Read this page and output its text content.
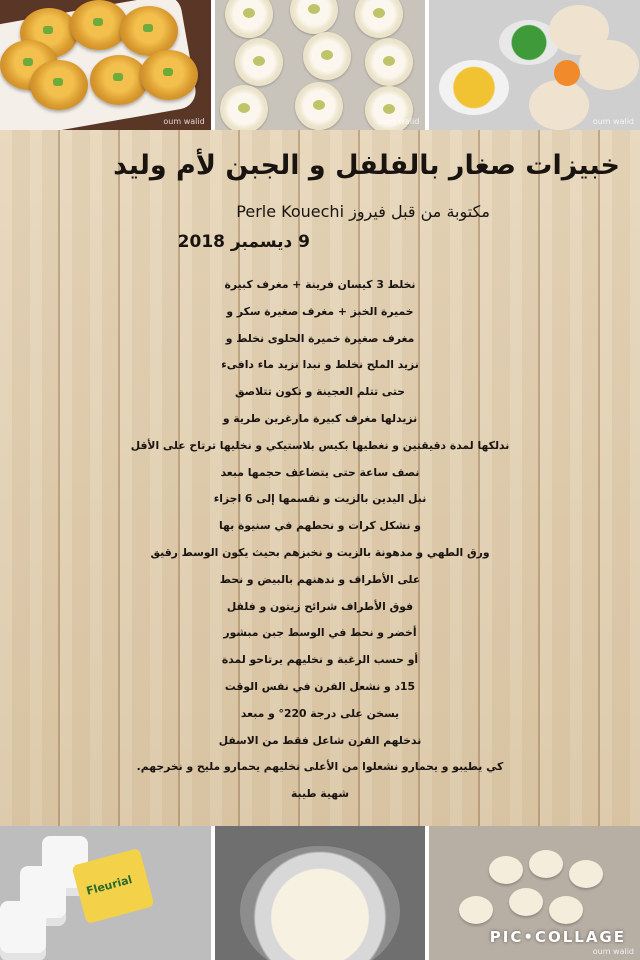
oum walid	oum walid	oum walid
خبيزات صغار بالفلفل و الجبن لأم وليد
مكتوبة من قبل فيروز Perle Kouechi
9 ديسمبر 2018
نخلط 3 كيسان فرينة + مغرف كبيرة
خميرة الخبز + مغرف صغيرة سكر و
مغرف صغيرة خميرة الحلوى نخلط و
نزيد الملح نخلط و نبدا نزيد ماء دافىء
حتى تتلم العجينة و تكون تتلاصق
نزيدلها مغرف كبيرة مارغرين طرية و
ندلكها لمدة دقيقتين و نغطيها بكيس بلاستيكي و نخليها ترتاح على الأقل
نصف ساعة حتى يتضاعف حجمها مبعد
نبل اليدين بالزيت و نقسمها إلى 6 اجزاء
و نشكل كرات و نحطهم في سنيوة بها
ورق الطهي و مدهونة بالزيت و نخبزهم بحيث يكون الوسط رقيق
على الأطراف و ندهنهم بالبيض و نحط
فوق الأطراف شرائح زيتون و فلفل
أخضر و نحط في الوسط جبن مبشور
أو حسب الرغبة و نخليهم يرتاحو لمدة
15د و نشعل الفرن في نفس الوقت
يسخن على درجة 220° و مبعد
ندخلهم الفرن شاعل فقط من الاسفل
كي يطيبو و يحمارو نشعلوا من الأعلى نخليهم يحمارو مليح و نخرجهم.
شهية طيبة
Fleurial
oum walid
PIC•COLLAGE
